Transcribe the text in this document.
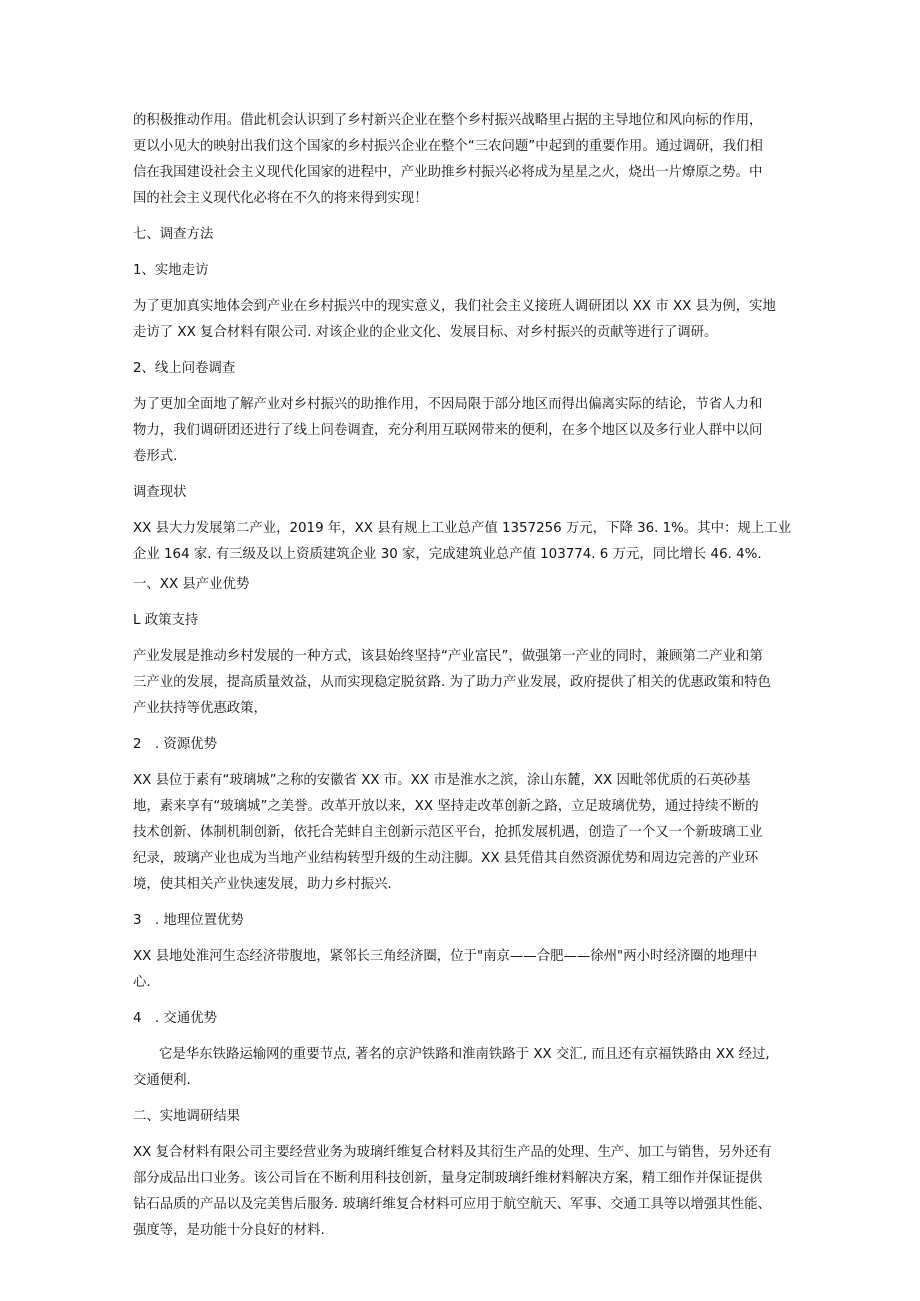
的积极推动作用。借此机会认识到了乡村新兴企业在整个乡村振兴战略里占据的主导地位和风向标的作用，
更以小见大的映射出我们这个国家的乡村振兴企业在整个“三农问题”中起到的重要作用。通过调研，我们相
信在我国建设社会主义现代化国家的进程中，产业助推乡村振兴必将成为星星之火，烧出一片燎原之势。中
国的社会主义现代化必将在不久的将来得到实现！
七、调查方法
1、实地走访
为了更加真实地体会到产业在乡村振兴中的现实意义，我们社会主义接班人调研团以 XX 市 XX 县为例，实地
走访了 XX 复合材料有限公司. 对该企业的企业文化、发展目标、对乡村振兴的贡献等进行了调研。
2、线上问卷调查
为了更加全面地了解产业对乡村振兴的助推作用，不因局限于部分地区而得出偏离实际的结论，节省人力和
物力，我们调研团还进行了线上问卷调査，充分利用互联网带来的便利，在多个地区以及多行业人群中以问
卷形式.
调查现状
XX 县大力发展第二产业，2019 年，XX 县有规上工业总产值 1357256 万元，下降 36. 1%。其中：规上工业
企业 164 家. 有三级及以上资质建筑企业 30 家，完成建筑业总产值 103774. 6 万元，同比增长 46. 4%.
一、XX 县产业优势
L 政策支持
产业发展是推动乡村发展的一种方式，该县始终坚持“产业富民”，做强第一产业的同时，兼顾第二产业和第
三产业的发展，提高质量效益，从而实现稳定脱贫路. 为了助力产业发展，政府提供了相关的优惠政策和特色
产业扶持等优惠政策，
2　. 资源优势
XX 县位于素有“玻璃城”之称的安徽省 XX 市。XX 市是淮水之滨，涂山东麓，XX 因毗邻优质的石英砂基
地，素来享有“玻璃城”之美誉。改革开放以来，XX 坚持走改革创新之路，立足玻璃优势，通过持续不断的
技术创新、体制机制创新，依托合芜蚌自主创新示范区平台，抢抓发展机遇，创造了一个又一个新玻璃工业
纪录，玻璃产业也成为当地产业结构转型升级的生动注脚。XX 县凭借其自然资源优势和周边完善的产业环
境，使其相关产业快速发展，助力乡村振兴.
3　. 地理位置优势
XX 县地处淮河生态经济带腹地，紧邻长三角经济圈，位于"南京——合肥——徐州"两小时经济圈的地理中
心.
4　. 交通优势
它是华东铁路运输网的重要节点, 著名的京沪铁路和淮南铁路于 XX 交汇, 而且还有京福铁路由 XX 经过,
交通便利.
二、实地调研结果
XX 复合材料有限公司主要经营业务为玻璃纤维复合材料及其衍生产品的处理、生产、加工与销售，另外还有
部分成品出口业务。该公司旨在不断利用科技创新，量身定制玻璃纤维材料解决方案，精工细作并保证提供
钻石品质的产品以及完美售后服务. 玻璃纤维复合材料可应用于航空航天、军事、交通工具等以增强其性能、
强度等，是功能十分良好的材料.
